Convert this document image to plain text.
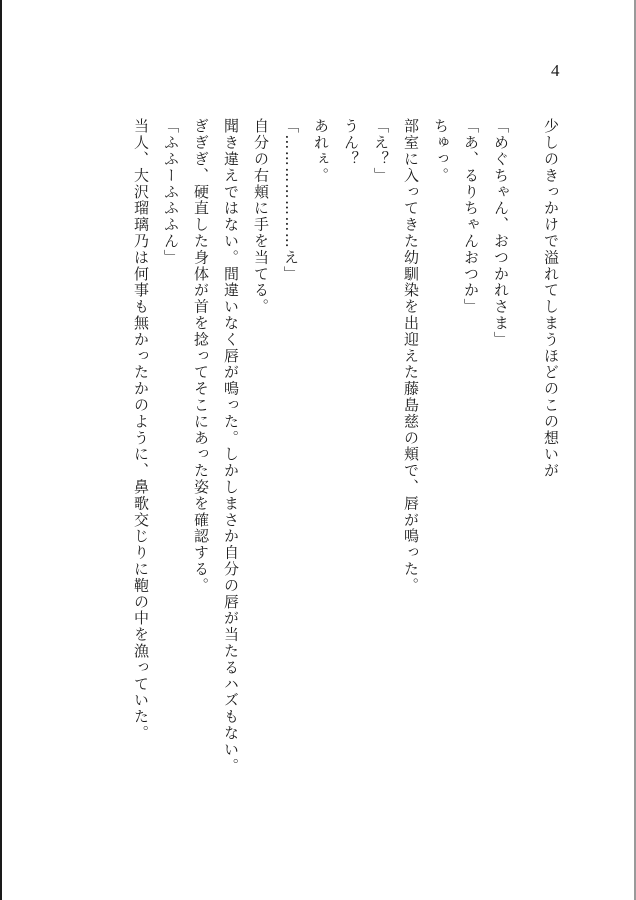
4

少しのきっかけで溢れてしまうほどのこの想いが

「めぐちゃん、おつかれさま」

「あ、るりちゃんおつか」

ちゅっ。

部室に入ってきた幼馴染を出迎えた藤島慈の頬で、唇が鳴った。

「え？」

うん？

あれぇ。

「…………………え」

自分の右頬に手を当てる。

聞き違えではない。間違いなく唇が鳴った。しかしまさか自分の唇が当たるハズもない。

ぎぎぎ、硬直した身体が首を捻ってそこにあった姿を確認する。

「ふふーふふふん」

当人、大沢瑠璃乃は何事も無かったかのように、鼻歌交じりに鞄の中を漁っていた。
